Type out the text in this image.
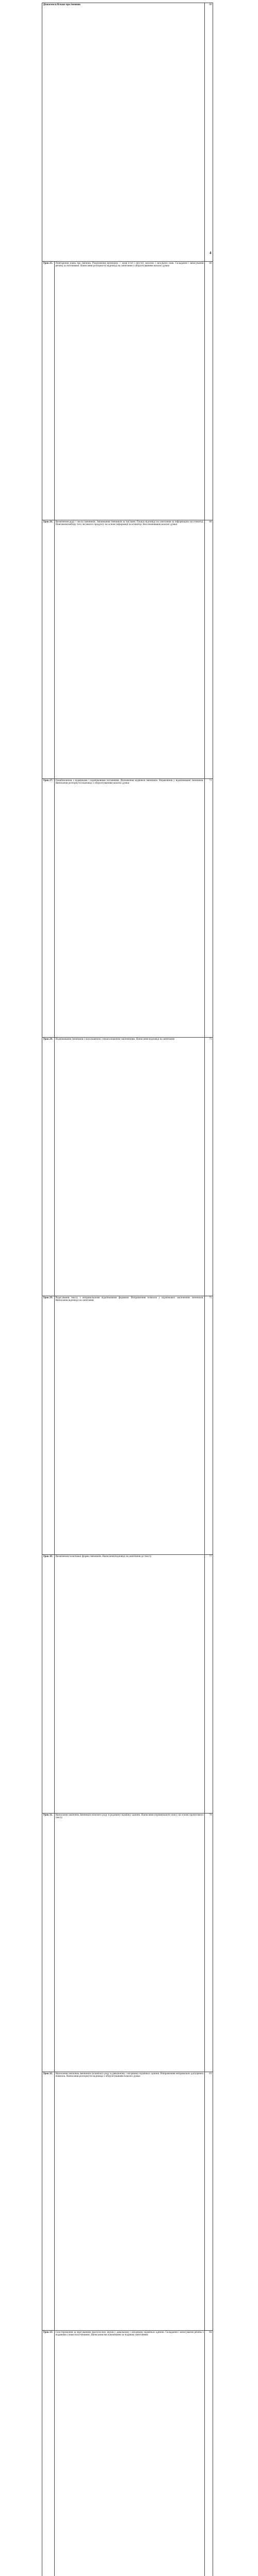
Дізнаємося більше про іменник		66
Урок 25.	Повторення знань про іменник. Розрізнення іменників — назв істот і неістот, власних і загальних назв. Складання і записування речень за світлинами. Написання розгорнутої відповіді на запитання з обґрунтуванням власної думки	66
Урок 26.	Визначення роду і числа іменників. Змінювання іменників за числами. Пошук відповіді на запитання за інформацією на етикетці. Пояснення вибору того чи іншого продукту на основі інформації на етикетці. Висловлювання власної думки	68
Урок 27.	Ознайомлення з відмінками і відмінковими питаннями. Визначення відмінків іменників. Вправляння у відмінюванні іменників. Написання розгорнутої відповіді з обґрунтуванням власної думки	71
Урок 28.	Відмінювання іменників з наголошеним і ненаголошеним закінченням. Написання відповіді на запитання	73
Урок 29.	Редагування тексту з неправильними відмінковими формами. Виправлення помилок у відмінкових закінченнях іменників. Написання відповіді на запитання	75
Урок 30.	Визначення початкової форми іменників. Написання відповіді на запитання до тексту	77
Урок 31.	Написання закінчень іменників жіночого роду в родовому відмінку однини. Написання порівняльного опису на основі прочитаного тексту	79
Урок 32.	Написання закінчень іменників чоловічого роду в давальному і місцевому відмінках однини. Виправлення неправильно допущених помилок. Написання розгорнутої відповіді з обґрунтуванням власної думки	81
Урок 33.	Спостереження за чергуванням приголосних звуків у давальному і місцевому відмінках однини. Складання і записування речень з поданими словосполученнями. Написання висловлювання за поданим запитанням	84

4
